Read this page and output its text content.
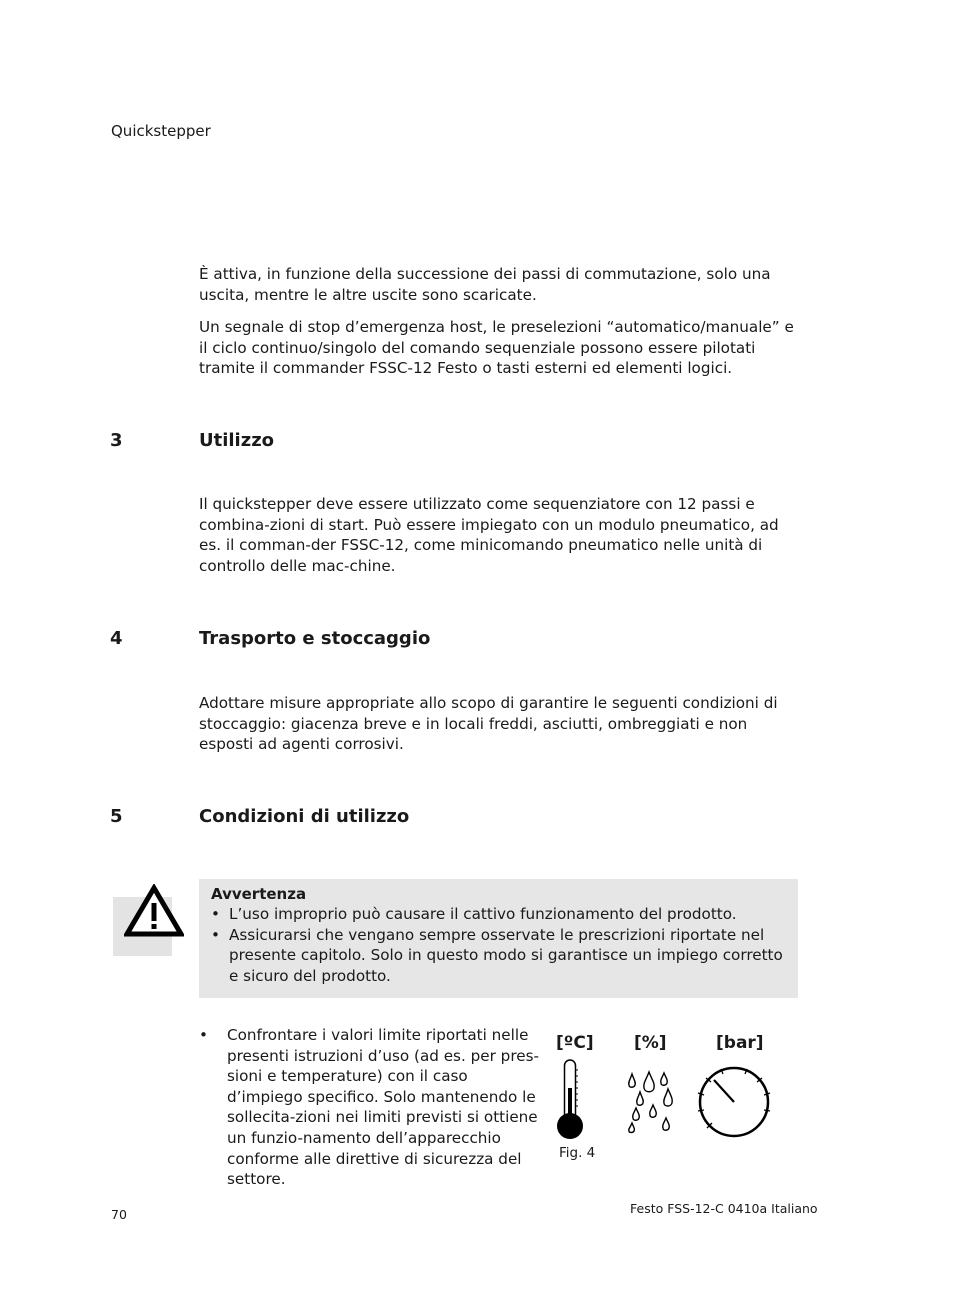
Quickstepper

È attiva, in funzione della successione dei passi di commutazione, solo una uscita, mentre le altre uscite sono scaricate.

Un segnale di stop d’emergenza host, le preselezioni “automatico/manuale” e il ciclo continuo/singolo del comando sequenziale possono essere pilotati tramite il commander FSSC-12 Festo o tasti esterni ed elementi logici.

3	Utilizzo

Il quickstepper deve essere utilizzato come sequenziatore con 12 passi e combina-zioni di start. Può essere impiegato con un modulo pneumatico, ad es. il comman-der FSSC-12, come minicomando pneumatico nelle unità di controllo delle mac-chine.

4	Trasporto e stoccaggio

Adottare misure appropriate allo scopo di garantire le seguenti condizioni di stoccaggio: giacenza breve e in locali freddi, asciutti, ombreggiati e non esposti ad agenti corrosivi.

5	Condizioni di utilizzo
Avvertenza
• L’uso improprio può causare il cattivo funzionamento del prodotto.
• Assicurarsi che vengano sempre osservate le prescrizioni riportate nel presente capitolo. Solo in questo modo si garantisce un impiego corretto e sicuro del prodotto.
• Confrontare i valori limite riportati nelle presenti istruzioni d’uso (ad es. per pres-sioni e temperature) con il caso d’impiego specifico. Solo mantenendo le sollecita-zioni nei limiti previsti si ottiene un funzio-namento dell’apparecchio conforme alle direttive di sicurezza del settore.
[ºC] [%]	[bar]
Fig. 4
70	Festo FSS-12-C 0410a Italiano
